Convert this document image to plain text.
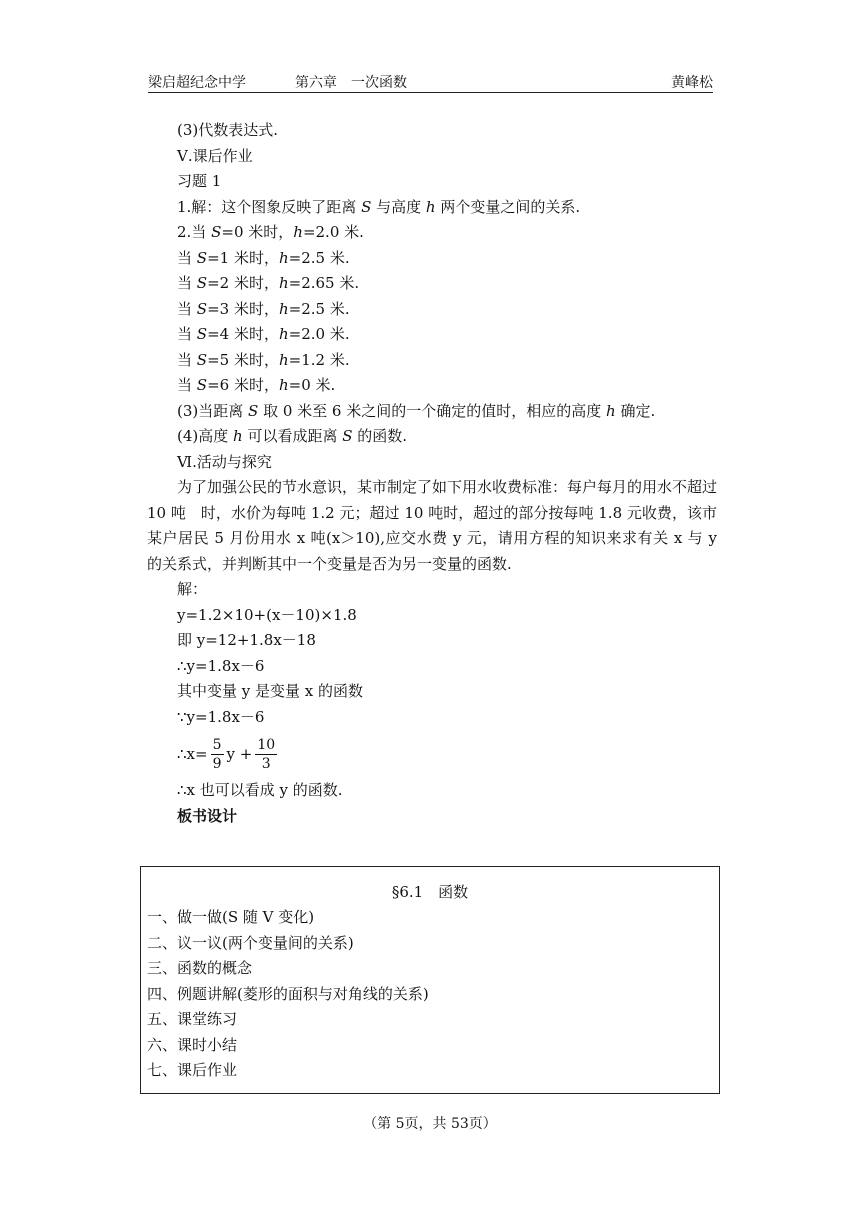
梁启超纪念中学	第六章　一次函数	黄峰松
(3)代数表达式.
Ⅴ.课后作业
习题 1
1.解：这个图象反映了距离 S 与高度 h 两个变量之间的关系.
2.当 S=0 米时，h=2.0 米.
当 S=1 米时，h=2.5 米.
当 S=2 米时，h=2.65 米.
当 S=3 米时，h=2.5 米.
当 S=4 米时，h=2.0 米.
当 S=5 米时，h=1.2 米.
当 S=6 米时，h=0 米.
(3)当距离 S 取 0 米至 6 米之间的一个确定的值时，相应的高度 h 确定.
(4)高度 h 可以看成距离 S 的函数.
Ⅵ.活动与探究
为了加强公民的节水意识，某市制定了如下用水收费标准：每户每月的用水不超过 10 吨　时，水价为每吨 1.2 元；超过 10 吨时，超过的部分按每吨 1.8 元收费，该市某户居民 5 月份用水 x 吨(x＞10),应交水费 y 元，请用方程的知识来求有关 x 与 y 的关系式，并判断其中一个变量是否为另一变量的函数.
解：
y=1.2×10+(x－10)×1.8
即 y=12+1.8x－18
∴y=1.8x－6
其中变量 y 是变量 x 的函数
∵y=1.8x－6
∴x= $\frac{5}{9}$ $y + \frac{10}{3}$
∴x 也可以看成 y 的函数.
板书设计
§6.1　函数
一、做一做(S 随 V 变化)
二、议一议(两个变量间的关系)
三、函数的概念
四、例题讲解(菱形的面积与对角线的关系)
五、课堂练习
六、课时小结
七、课后作业
（第 5页，共 53页）
